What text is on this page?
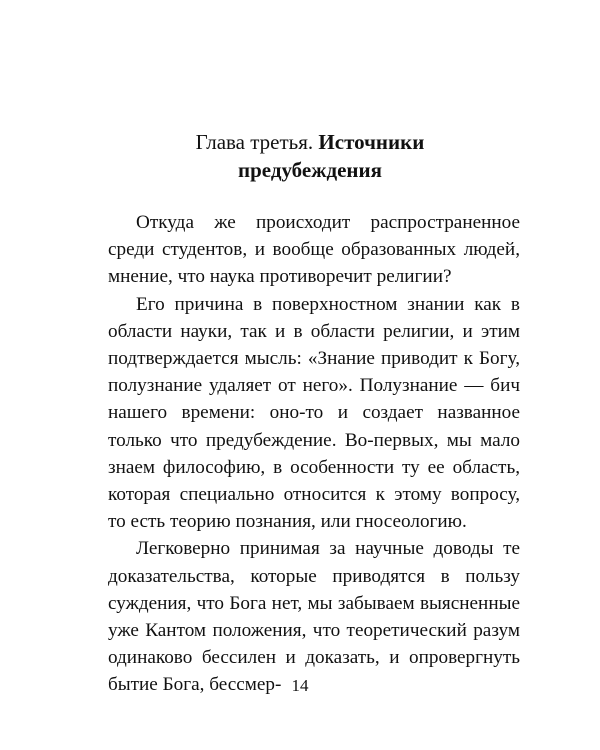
Глава третья. Источники
предубеждения

Откуда же происходит распространенное среди студентов, и вообще образованных людей, мнение, что наука противоречит религии?

Его причина в поверхностном знании как в области науки, так и в области религии, и этим подтверждается мысль: «Знание приводит к Богу, полузнание удаляет от него». Полузнание — бич нашего времени: оно-то и создает названное только что предубеждение. Во-первых, мы мало знаем философию, в особенности ту ее область, которая специально относится к этому вопросу, то есть теорию познания, или гносеологию.

Легковерно принимая за научные доводы те доказательства, которые приводятся в пользу суждения, что Бога нет, мы забываем выясненные уже Кантом положения, что теоретический разум одинаково бессилен и доказать, и опровергнуть бытие Бога, бессмер- 14
